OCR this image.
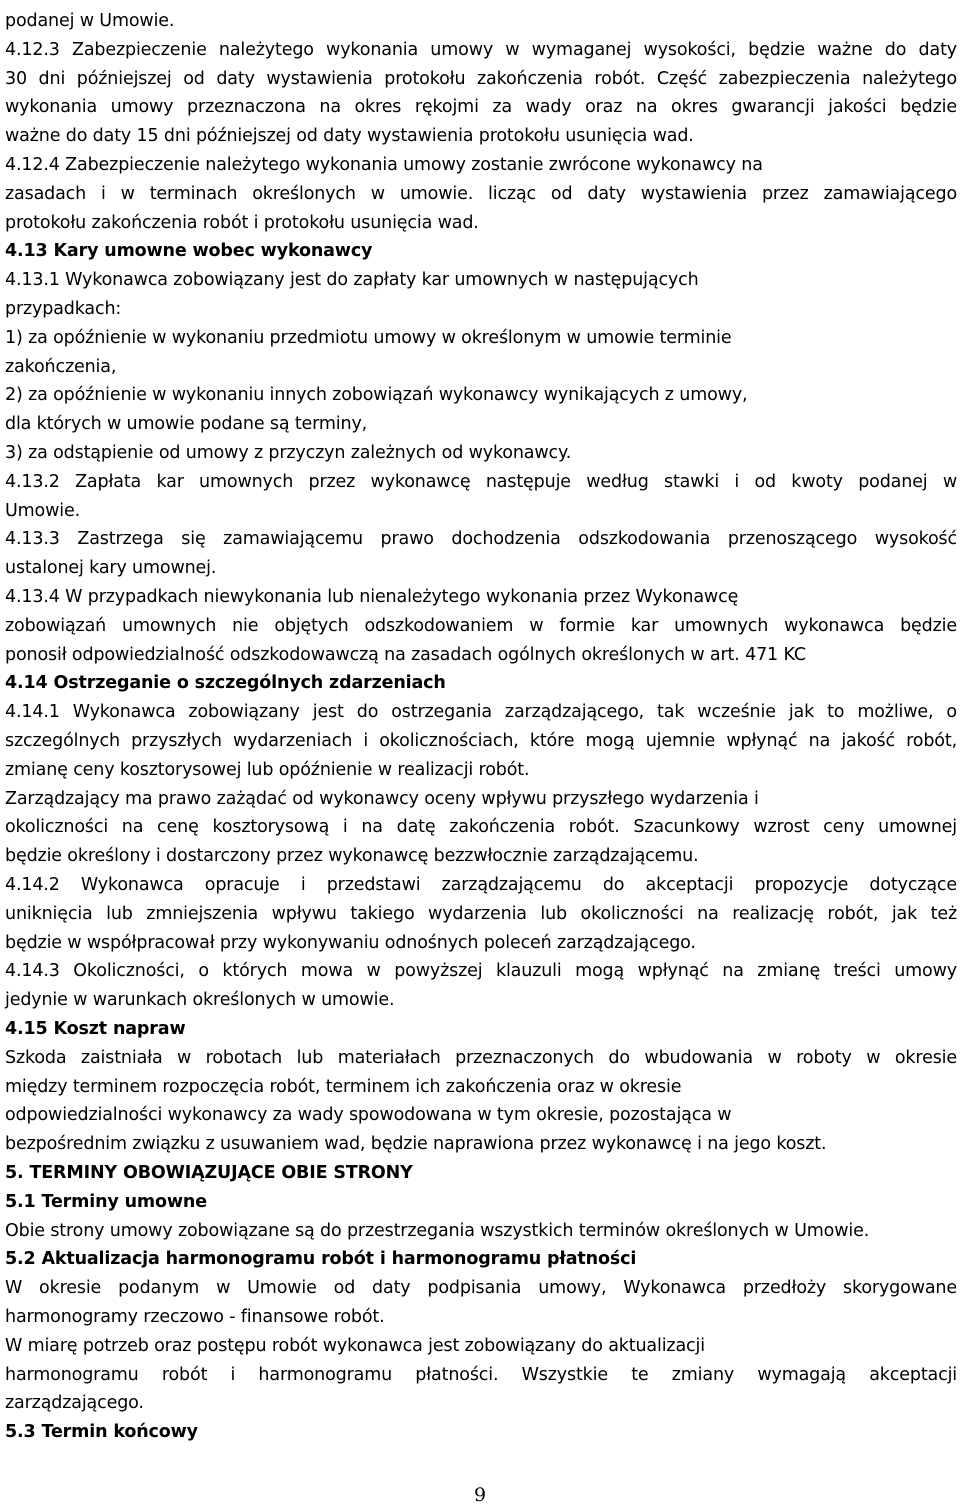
podanej w Umowie.
4.12.3 Zabezpieczenie należytego wykonania umowy w wymaganej wysokości, będzie ważne do daty
30 dni późniejszej od daty wystawienia protokołu zakończenia robót. Część zabezpieczenia należytego
wykonania umowy przeznaczona na okres rękojmi za wady oraz na okres gwarancji jakości będzie
ważne do daty 15 dni późniejszej od daty wystawienia protokołu usunięcia wad.
4.12.4 Zabezpieczenie należytego wykonania umowy zostanie zwrócone wykonawcy na
zasadach i w terminach określonych w umowie. licząc od daty wystawienia przez zamawiającego
protokołu zakończenia robót i protokołu usunięcia wad.
4.13 Kary umowne wobec wykonawcy
4.13.1 Wykonawca zobowiązany jest do zapłaty kar umownych w następujących
przypadkach:
1) za opóźnienie w wykonaniu przedmiotu umowy w określonym w umowie terminie
zakończenia,
2) za opóźnienie w wykonaniu innych zobowiązań wykonawcy wynikających z umowy,
dla których w umowie podane są terminy,
3) za odstąpienie od umowy z przyczyn zależnych od wykonawcy.
4.13.2 Zapłata kar umownych przez wykonawcę następuje według stawki i od kwoty podanej w
Umowie.
4.13.3 Zastrzega się zamawiającemu prawo dochodzenia odszkodowania przenoszącego wysokość
ustalonej kary umownej.
4.13.4 W przypadkach niewykonania lub nienależytego wykonania przez Wykonawcę
zobowiązań umownych nie objętych odszkodowaniem w formie kar umownych wykonawca będzie
ponosił odpowiedzialność odszkodowawczą na zasadach ogólnych określonych w art. 471 KC
4.14 Ostrzeganie o szczególnych zdarzeniach
4.14.1 Wykonawca zobowiązany jest do ostrzegania zarządzającego, tak wcześnie jak to możliwe, o
szczególnych przyszłych wydarzeniach i okolicznościach, które mogą ujemnie wpłynąć na jakość robót,
zmianę ceny kosztorysowej lub opóźnienie w realizacji robót.
Zarządzający ma prawo zażądać od wykonawcy oceny wpływu przyszłego wydarzenia i
okoliczności na cenę kosztorysową i na datę zakończenia robót. Szacunkowy wzrost ceny umownej
będzie określony i dostarczony przez wykonawcę bezzwłocznie zarządzającemu.
4.14.2 Wykonawca opracuje i przedstawi zarządzającemu do akceptacji propozycje dotyczące
uniknięcia lub zmniejszenia wpływu takiego wydarzenia lub okoliczności na realizację robót, jak też
będzie w współpracował przy wykonywaniu odnośnych poleceń zarządzającego.
4.14.3 Okoliczności, o których mowa w powyższej klauzuli mogą wpłynąć na zmianę treści umowy
jedynie w warunkach określonych w umowie.
4.15 Koszt napraw
Szkoda zaistniała w robotach lub materiałach przeznaczonych do wbudowania w roboty w okresie
między terminem rozpoczęcia robót, terminem ich zakończenia oraz w okresie
odpowiedzialności wykonawcy za wady spowodowana w tym okresie, pozostająca w
bezpośrednim związku z usuwaniem wad, będzie naprawiona przez wykonawcę i na jego koszt.
5. TERMINY OBOWIĄZUJĄCE OBIE STRONY
5.1 Terminy umowne
Obie strony umowy zobowiązane są do przestrzegania wszystkich terminów określonych w Umowie.
5.2 Aktualizacja harmonogramu robót i harmonogramu płatności
W okresie podanym w Umowie od daty podpisania umowy, Wykonawca przedłoży skorygowane
harmonogramy rzeczowo - finansowe robót.
W miarę potrzeb oraz postępu robót wykonawca jest zobowiązany do aktualizacji
harmonogramu robót i harmonogramu płatności. Wszystkie te zmiany wymagają akceptacji
zarządzającego.
5.3 Termin końcowy
9
